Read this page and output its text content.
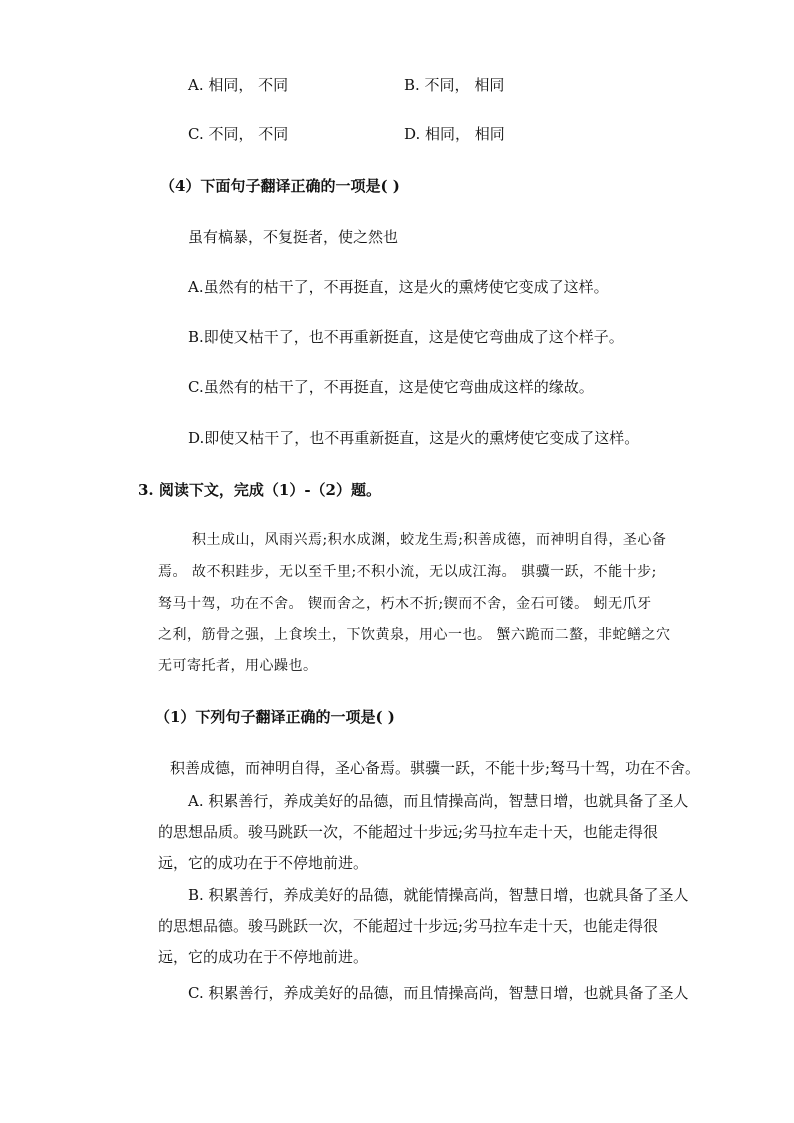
A. 相同， 不同	B. 不同， 相同
C. 不同， 不同	D. 相同， 相同
（4）下面句子翻译正确的一项是( )
虽有槁暴，不复挺者，使之然也
A.虽然有的枯干了，不再挺直，这是火的熏烤使它变成了这样。
B.即使又枯干了，也不再重新挺直，这是使它弯曲成了这个样子。
C.虽然有的枯干了，不再挺直，这是使它弯曲成这样的缘故。
D.即使又枯干了，也不再重新挺直，这是火的熏烤使它变成了这样。
3. 阅读下文，完成（1）-（2）题。
积土成山，风雨兴焉;积水成渊，蛟龙生焉;积善成德，而神明自得，圣心备
焉。 故不积跬步，无以至千里;不积小流，无以成江海。 骐骥一跃，不能十步;
驽马十驾，功在不舍。 锲而舍之，朽木不折;锲而不舍，金石可镂。 蚓无爪牙
之利，筋骨之强，上食埃土，下饮黄泉，用心一也。 蟹六跪而二螯，非蛇鳝之穴
无可寄托者，用心躁也。
（1）下列句子翻译正确的一项是( )
积善成德，而神明自得，圣心备焉。骐骥一跃，不能十步;驽马十驾，功在不舍。
A. 积累善行，养成美好的品德，而且情操高尚，智慧日增，也就具备了圣人
的思想品质。骏马跳跃一次，不能超过十步远;劣马拉车走十天，也能走得很
远，它的成功在于不停地前进。
B. 积累善行，养成美好的品德，就能情操高尚，智慧日增，也就具备了圣人
的思想品德。骏马跳跃一次，不能超过十步远;劣马拉车走十天，也能走得很
远，它的成功在于不停地前进。
C. 积累善行，养成美好的品德，而且情操高尚，智慧日增，也就具备了圣人
